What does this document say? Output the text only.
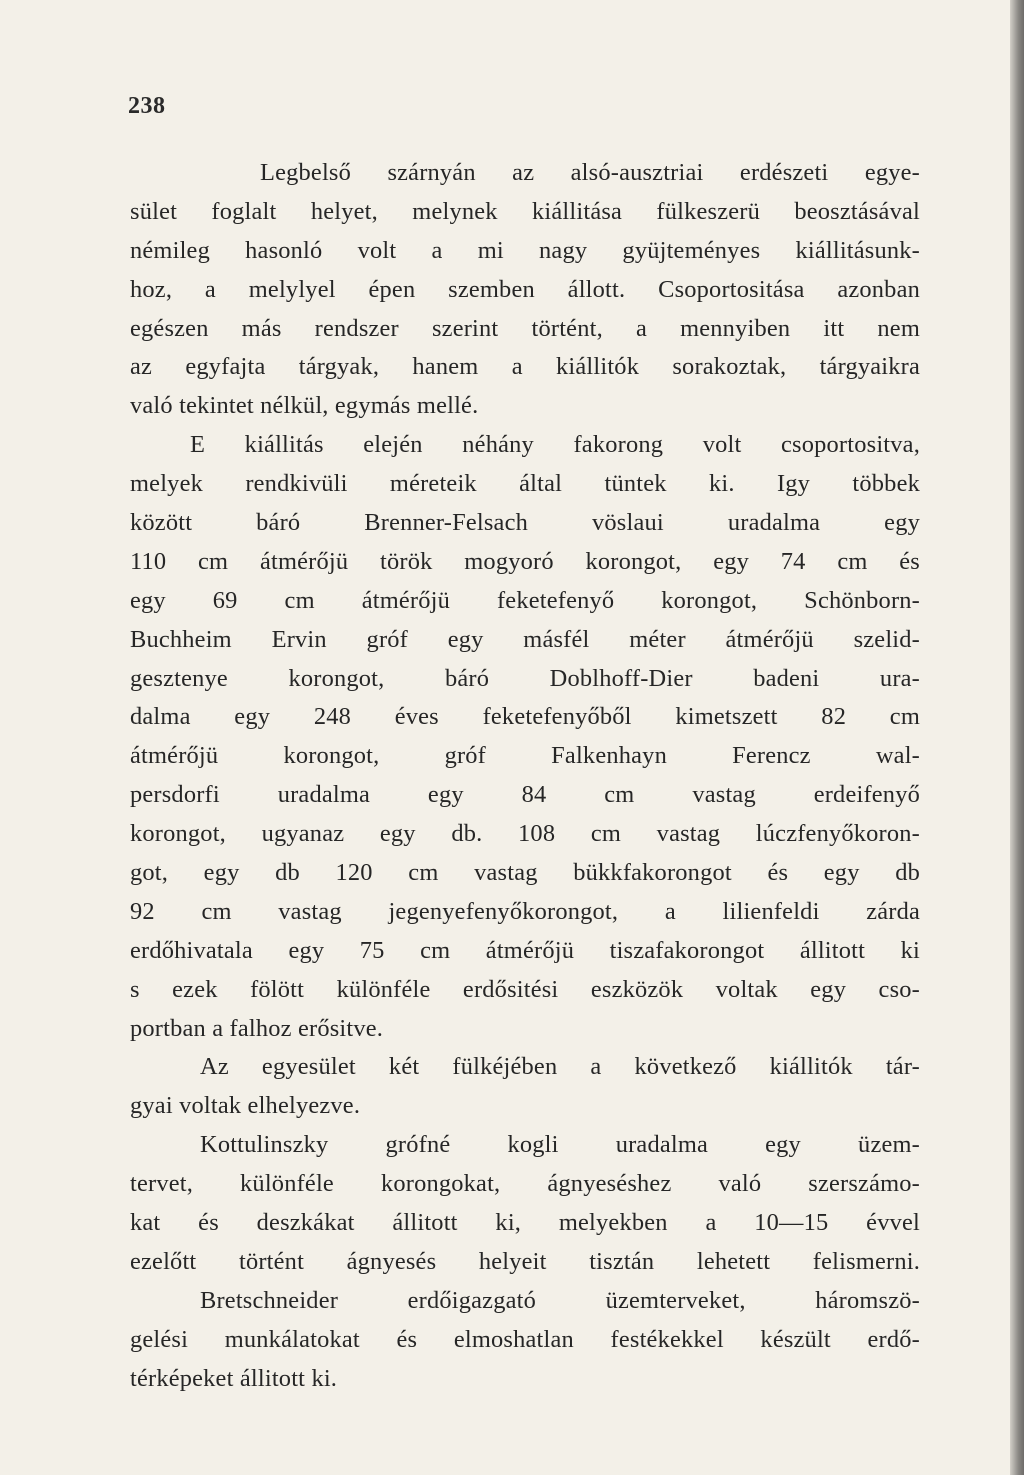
238
Legbelső szárnyán az alsó-ausztriai erdészeti egye-
sület foglalt helyet, melynek kiállitása fülkeszerü beosztásával
némileg hasonló volt a mi nagy gyüjteményes kiállitásunk-
hoz, a melylyel épen szemben állott. Csoportositása azonban
egészen más rendszer szerint történt, a mennyiben itt nem
az egyfajta tárgyak, hanem a kiállitók sorakoztak, tárgyaikra
való tekintet nélkül, egymás mellé.
E kiállitás elején néhány fakorong volt csoportositva,
melyek rendkivüli méreteik által tüntek ki. Igy többek
között báró Brenner-Felsach vöslaui uradalma egy
110 cm átmérőjü török mogyoró korongot, egy 74 cm és
egy 69 cm átmérőjü feketefenyő korongot, Schönborn-
Buchheim Ervin gróf egy másfél méter átmérőjü szelid-
gesztenye korongot, báró Doblhoff-Dier badeni ura-
dalma egy 248 éves feketefenyőből kimetszett 82 cm
átmérőjü korongot, gróf Falkenhayn Ferencz wal-
persdorfi uradalma egy 84 cm vastag erdeifenyő
korongot, ugyanaz egy db. 108 cm vastag lúczfenyőkoron-
got, egy db 120 cm vastag bükkfakorongot és egy db
92 cm vastag jegenyefenyőkorongot, a lilienfeldi zárda
erdőhivatala egy 75 cm átmérőjü tiszafakorongot állitott ki
s ezek fölött különféle erdősitési eszközök voltak egy cso-
portban a falhoz erősitve.
Az egyesület két fülkéjében a következő kiállitók tár-
gyai voltak elhelyezve.
Kottulinszky grófné kogli uradalma egy üzem-
tervet, különféle korongokat, ágnyeséshez való szerszámo-
kat és deszkákat állitott ki, melyekben a 10—15 évvel
ezelőtt történt ágnyesés helyeit tisztán lehetett felismerni.
Bretschneider erdőigazgató üzemterveket, háromszö-
gelési munkálatokat és elmoshatlan festékekkel készült erdő-
térképeket állitott ki.
